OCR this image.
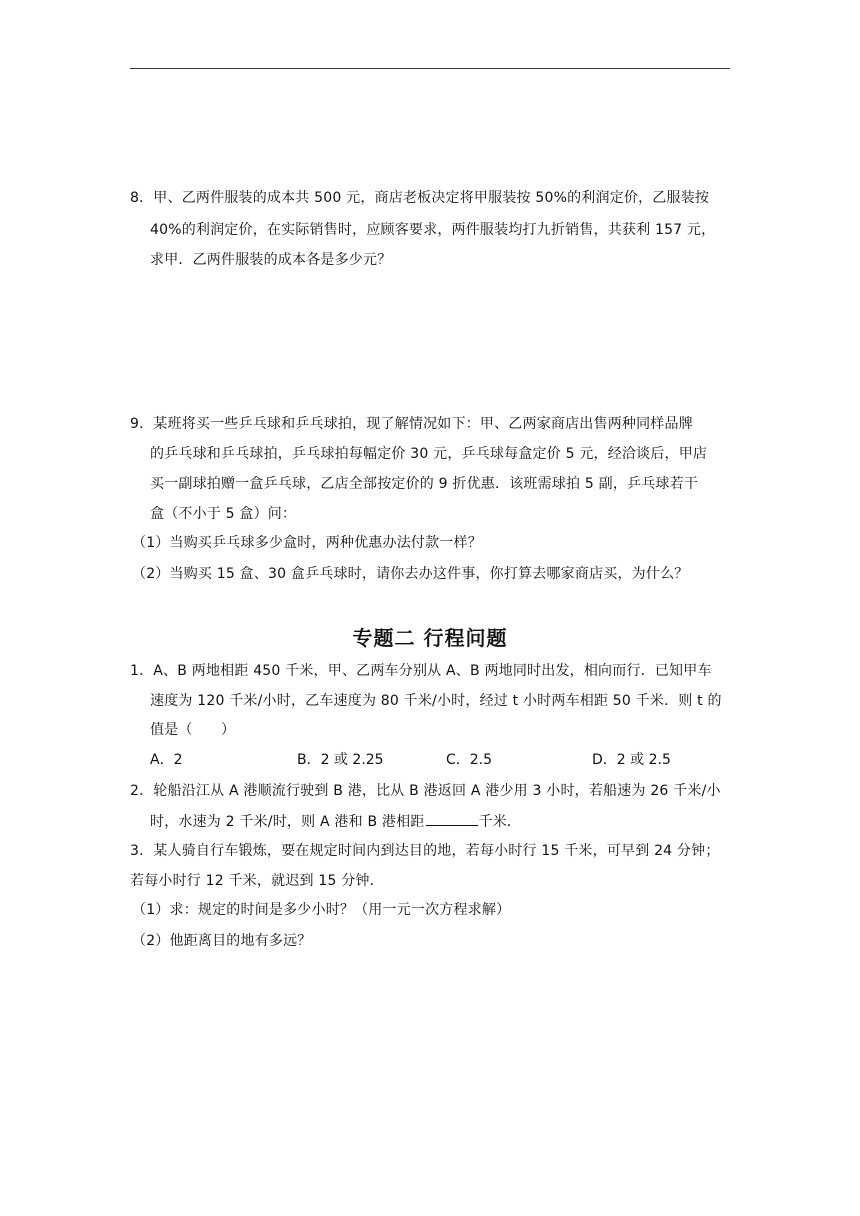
8．甲、乙两件服装的成本共 500 元，商店老板决定将甲服装按 50%的利润定价，乙服装按
40%的利润定价，在实际销售时，应顾客要求，两件服装均打九折销售，共获利 157 元，
求甲．乙两件服装的成本各是多少元？
9．某班将买一些乒乓球和乒乓球拍，现了解情况如下：甲、乙两家商店出售两种同样品牌
的乒乓球和乒乓球拍，乒乓球拍每幅定价 30 元，乒乓球每盒定价 5 元，经洽谈后，甲店
买一副球拍赠一盒乒乓球，乙店全部按定价的 9 折优惠．该班需球拍 5 副，乒乓球若干
盒（不小于 5 盒）问：
（1）当购买乒乓球多少盒时，两种优惠办法付款一样？
（2）当购买 15 盒、30 盒乒乓球时，请你去办这件事，你打算去哪家商店买，为什么？
专题二 行程问题
1．A、B 两地相距 450 千米，甲、乙两车分别从 A、B 两地同时出发，相向而行．已知甲车
速度为 120 千米/小时，乙车速度为 80 千米/小时，经过 t 小时两车相距 50 千米．则 t 的
值是（　　）
A．2	B．2 或 2.25	C．2.5	D．2 或 2.5
2．轮船沿江从 A 港顺流行驶到 B 港，比从 B 港返回 A 港少用 3 小时，若船速为 26 千米/小
时，水速为 2 千米/时，则 A 港和 B 港相距	千米．
3．某人骑自行车锻炼，要在规定时间内到达目的地，若每小时行 15 千米，可早到 24 分钟；
若每小时行 12 千米，就迟到 15 分钟．
（1）求：规定的时间是多少小时？（用一元一次方程求解）
（2）他距离目的地有多远？
